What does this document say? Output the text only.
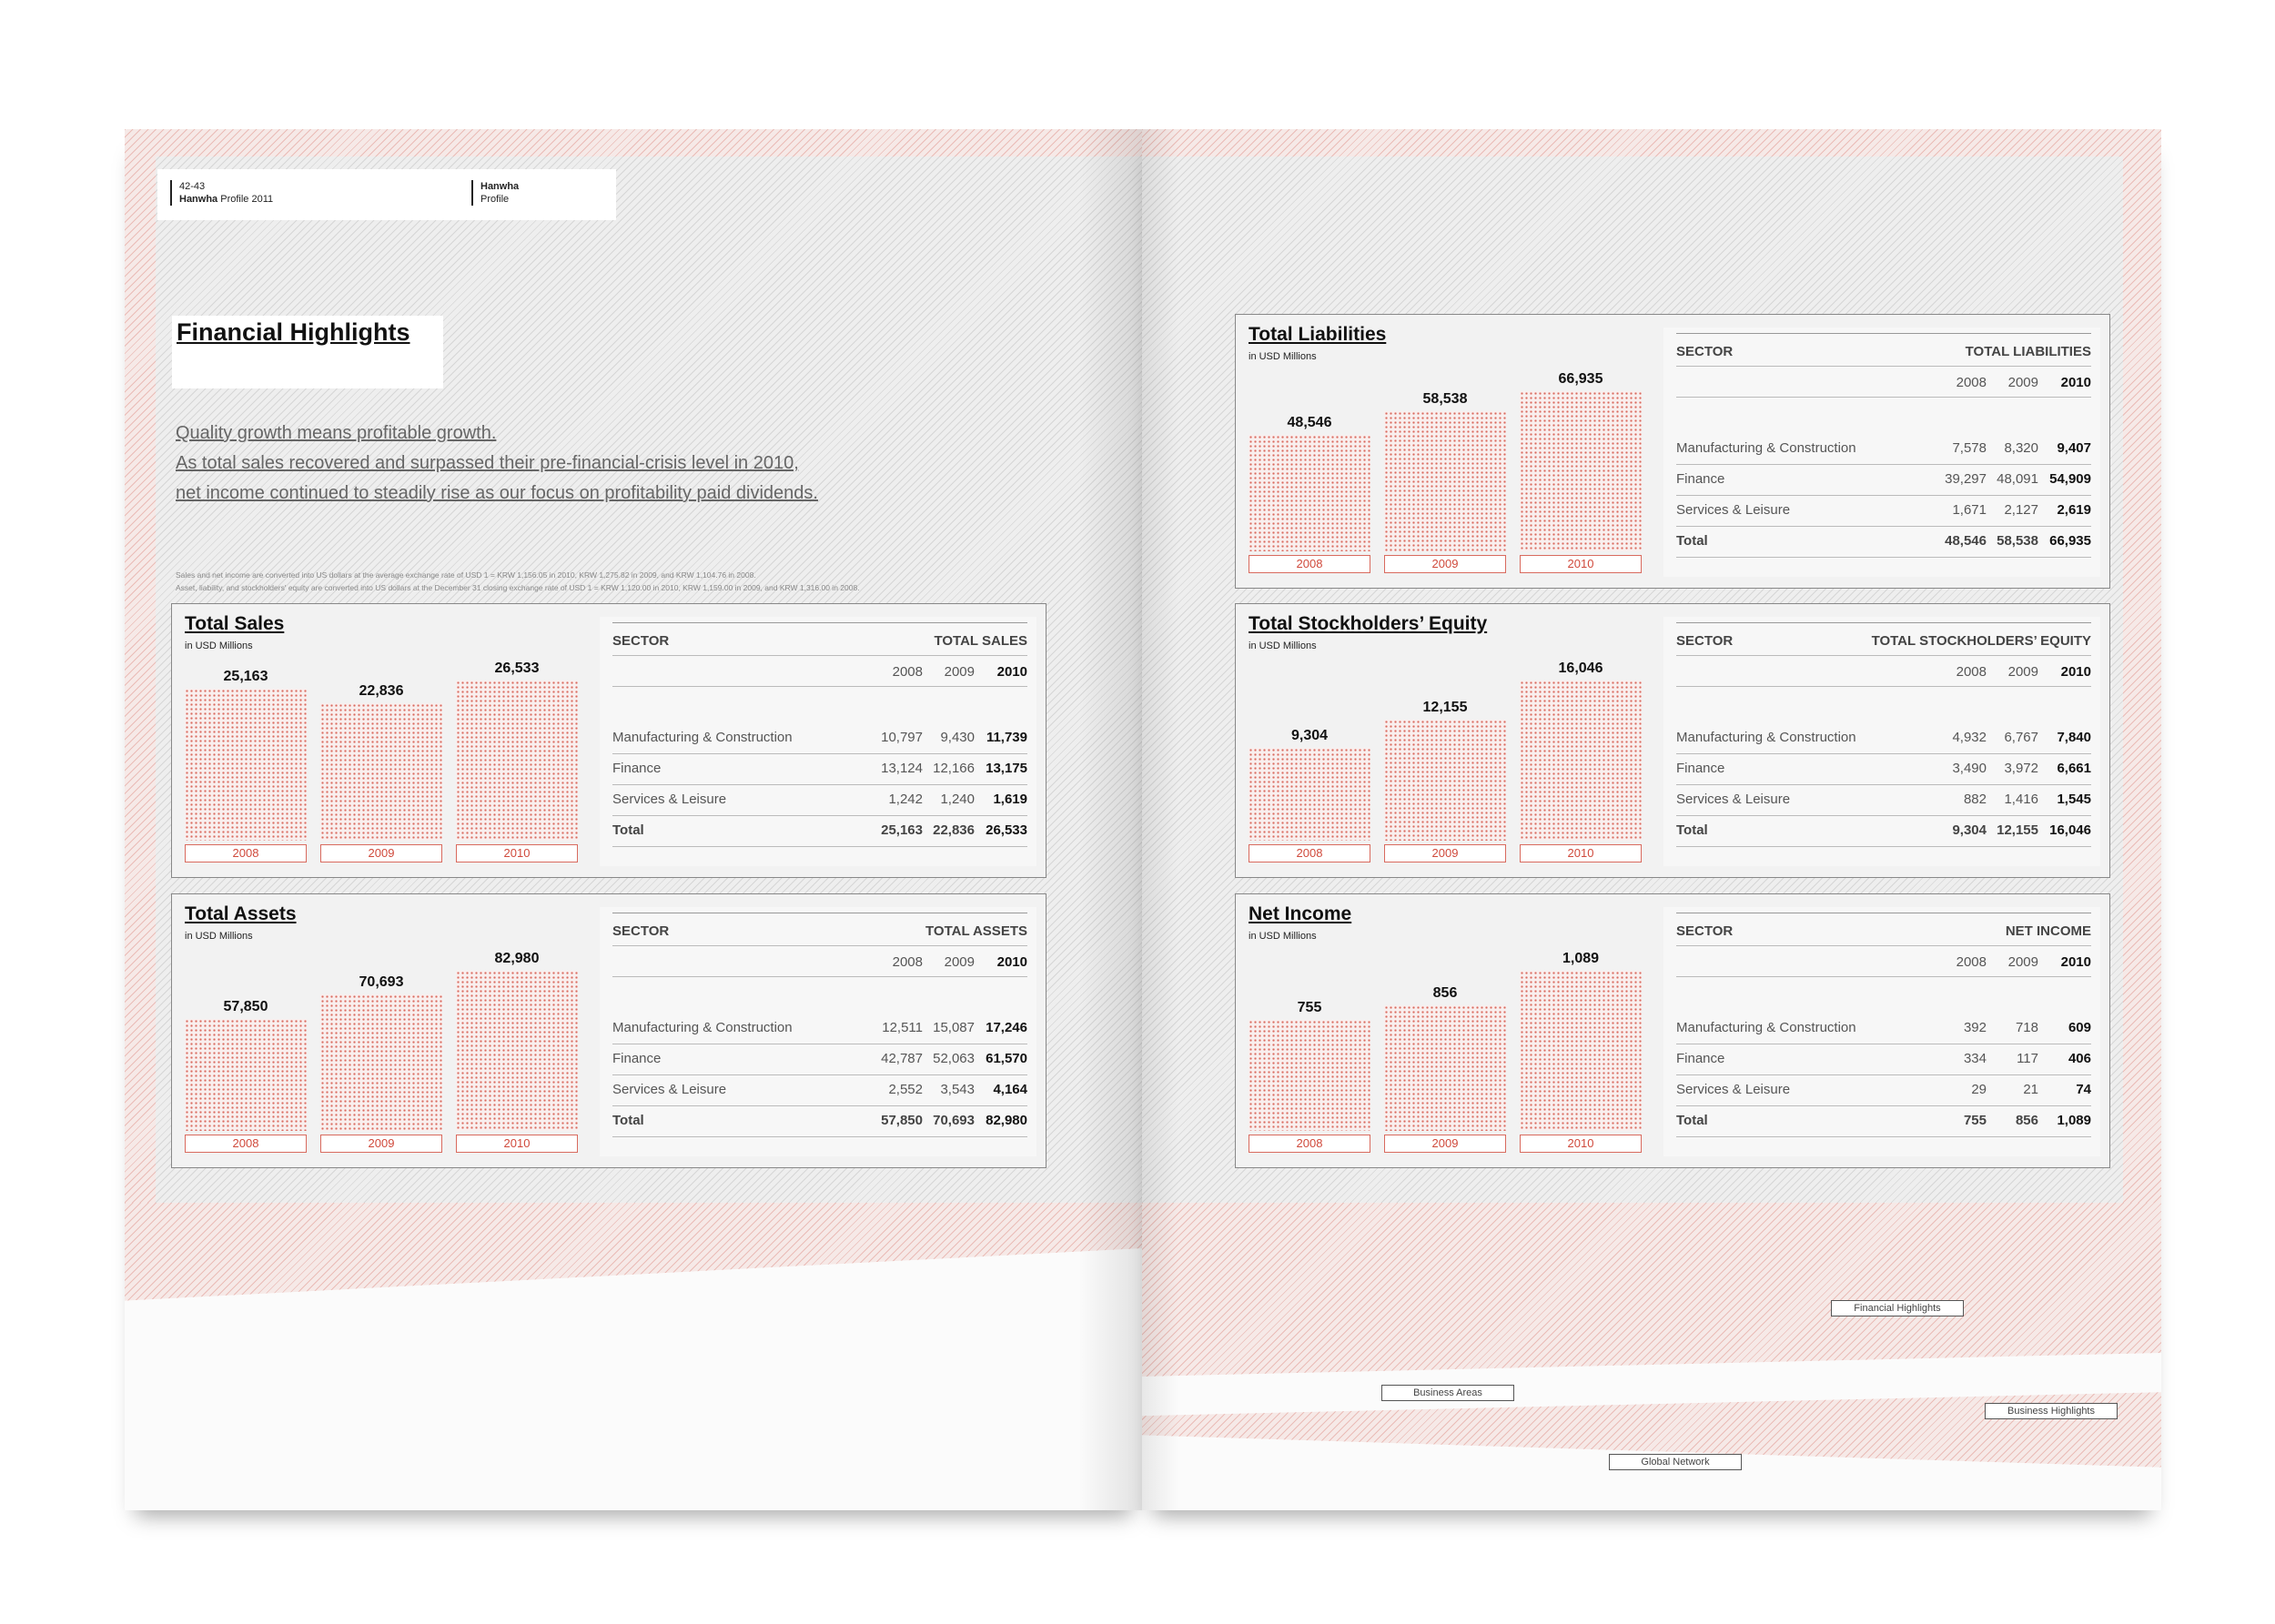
42-43
Hanwha Profile 2011
Hanwha
Profile
Financial Highlights
Quality growth means profitable growth.
As total sales recovered and surpassed their pre-financial-crisis level in 2010,
net income continued to steadily rise as our focus on profitability paid dividends.
Sales and net income are converted into US dollars at the average exchange rate of USD 1 = KRW 1,156.05 in 2010, KRW 1,275.82 in 2009, and KRW 1,104.76 in 2008.
Asset, liability, and stockholders' equity are converted into US dollars at the December 31 closing exchange rate of USD 1 = KRW 1,120.00 in 2010, KRW 1,159.00 in 2009, and KRW 1,316.00 in 2008.
Total Sales
in USD Millions
25,163
2008
22,836
2009
26,533
2010
SECTOR	TOTAL SALES
2008 2009 2010
Manufacturing & Construction	10,797 9,430 11,739
Finance	13,124 12,166 13,175
Services & Leisure	1,242 1,240 1,619
Total	25,163 22,836 26,533
Total Assets
in USD Millions
57,850
2008
70,693
2009
82,980
2010
SECTOR	TOTAL ASSETS
2008 2009 2010
Manufacturing & Construction	12,511 15,087 17,246
Finance	42,787 52,063 61,570
Services & Leisure	2,552 3,543 4,164
Total	57,850 70,693 82,980
Total Liabilities
in USD Millions
48,546
2008
58,538
2009
66,935
2010
SECTOR	TOTAL LIABILITIES
2008 2009 2010
Manufacturing & Construction	7,578 8,320 9,407
Finance	39,297 48,091 54,909
Services & Leisure	1,671 2,127 2,619
Total	48,546 58,538 66,935
Total Stockholders’ Equity
in USD Millions
9,304
2008
12,155
2009
16,046
2010
SECTOR	TOTAL STOCKHOLDERS’ EQUITY
2008 2009 2010
Manufacturing & Construction	4,932 6,767 7,840
Finance	3,490 3,972 6,661
Services & Leisure	882 1,416 1,545
Total	9,304 12,155 16,046
Net Income
in USD Millions
755
2008
856
2009
1,089
2010
SECTOR	NET INCOME
2008 2009 2010
Manufacturing & Construction	392 718 609
Finance	334 117 406
Services & Leisure	29	21	74
Total	755 856 1,089
Financial Highlights
Business Areas
Business Highlights
Global Network
